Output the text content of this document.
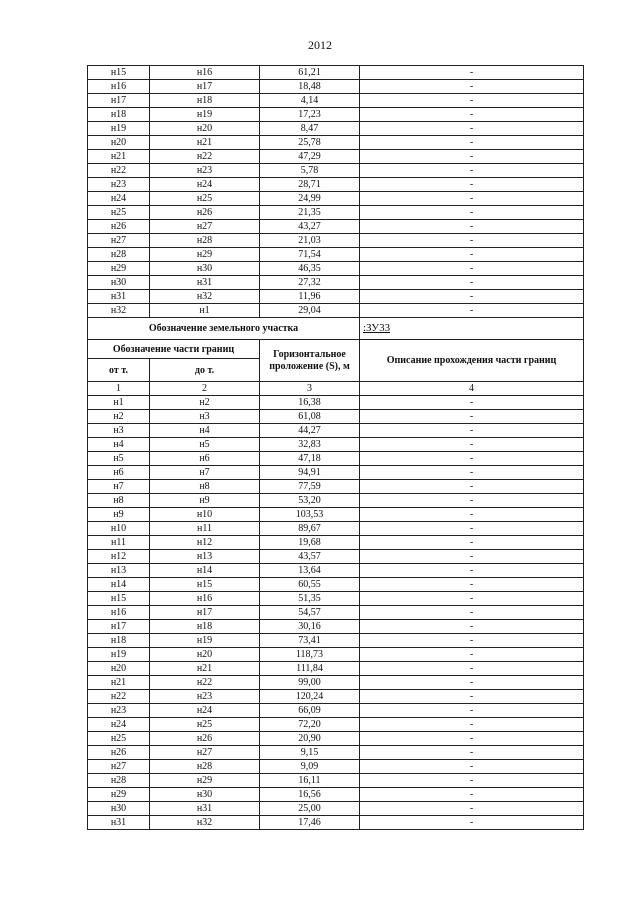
2012
н15	н16	61,21	-
н16	н17	18,48	-
н17	н18	4,14	-
н18	н19	17,23	-
н19	н20	8,47	-
н20	н21	25,78	-
н21	н22	47,29	-
н22	н23	5,78	-
н23	н24	28,71	-
н24	н25	24,99	-
н25	н26	21,35	-
н26	н27	43,27	-
н27	н28	21,03	-
н28	н29	71,54	-
н29	н30	46,35	-
н30	н31	27,32	-
н31	н32	11,96	-
н32	н1	29,04	-
Обозначение земельного участка			:ЗУ33
Обозначение части границ		Горизонтальное проложение (S), м	Описание прохождения части границ
от т.	до т.		
1	2	3	4
н1	н2	16,38	-
н2	н3	61,08	-
н3	н4	44,27	-
н4	н5	32,83	-
н5	н6	47,18	-
н6	н7	94,91	-
н7	н8	77,59	-
н8	н9	53,20	-
н9	н10	103,53	-
н10	н11	89,67	-
н11	н12	19,68	-
н12	н13	43,57	-
н13	н14	13,64	-
н14	н15	60,55	-
н15	н16	51,35	-
н16	н17	54,57	-
н17	н18	30,16	-
н18	н19	73,41	-
н19	н20	118,73	-
н20	н21	111,84	-
н21	н22	99,00	-
н22	н23	120,24	-
н23	н24	66,09	-
н24	н25	72,20	-
н25	н26	20,90	-
н26	н27	9,15	-
н27	н28	9,09	-
н28	н29	16,11	-
н29	н30	16,56	-
н30	н31	25,00	-
н31	н32	17,46	-
